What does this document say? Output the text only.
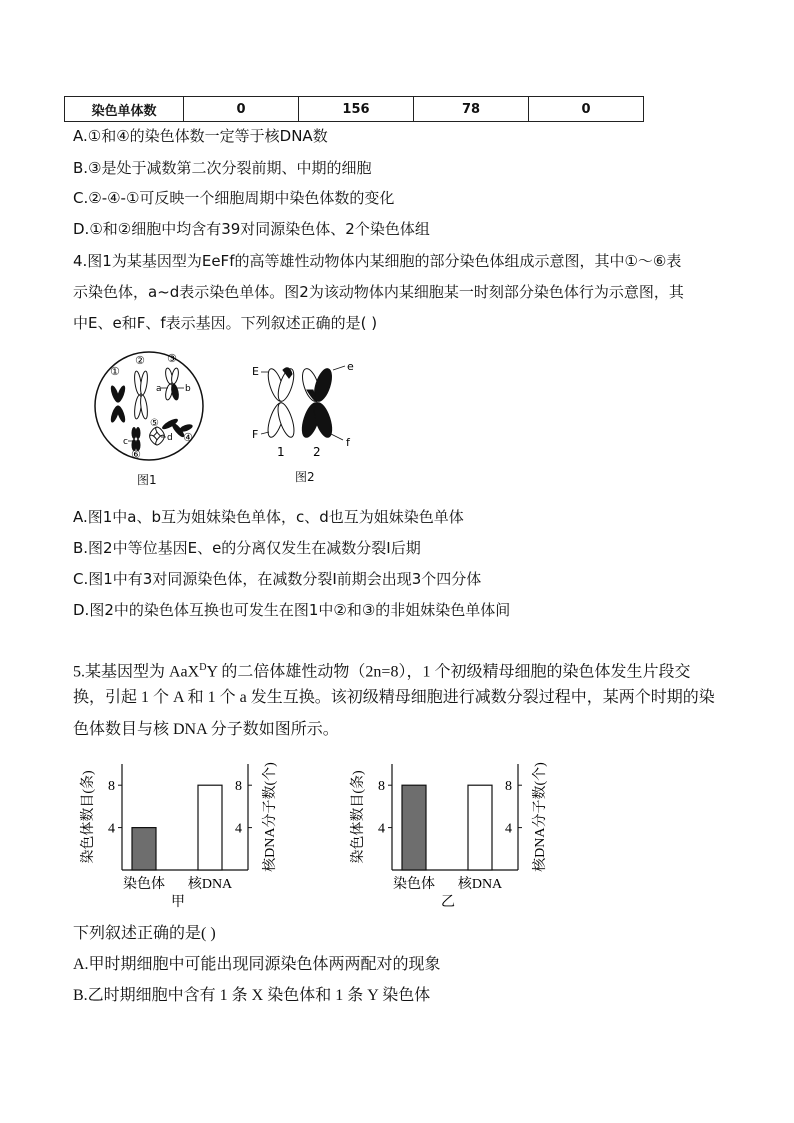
染色单体数	0	156	78	0
A.①和④的染色体数一定等于核DNA数
B.③是处于减数第二次分裂前期、中期的细胞
C.②-④-①可反映一个细胞周期中染色体数的变化
D.①和②细胞中均含有39对同源染色体、2个染色体组
4.图1为某基因型为EeFf的高等雄性动物体内某细胞的部分染色体组成示意图，其中①～⑥表
示染色体，a~d表示染色单体。图2为该动物体内某细胞某一时刻部分染色体行为示意图，其
中E、e和F、f表示基因。下列叙述正确的是( )
①
② ③
④
⑤
⑥
a	b
c	d
图1
E	e
F
f
1 2
图2
A.图1中a、b互为姐妹染色单体，c、d也互为姐妹染色单体
B.图2中等位基因E、e的分离仅发生在减数分裂Ⅰ后期
C.图1中有3对同源染色体，在减数分裂Ⅰ前期会出现3个四分体
D.图2中的染色体互换也可发生在图1中②和③的非姐妹染色单体间
5.某基因型为 AaX$^D$Y 的二倍体雄性动物（2n=8），1 个初级精母细胞的染色体发生片段交
换，引起 1 个 A 和 1 个 a 发生互换。该初级精母细胞进行减数分裂过程中，某两个时期的染
色体数目与核 DNA 分子数如图所示。
染色体数目(条)	核DNA分子数(个)
4	4
8	8
染色体 核DNA
甲
染色体数目(条)	核DNA分子数(个)
4	4
8	8
染色体 核DNA
乙
下列叙述正确的是( )
A.甲时期细胞中可能出现同源染色体两两配对的现象
B.乙时期细胞中含有 1 条 X 染色体和 1 条 Y 染色体
